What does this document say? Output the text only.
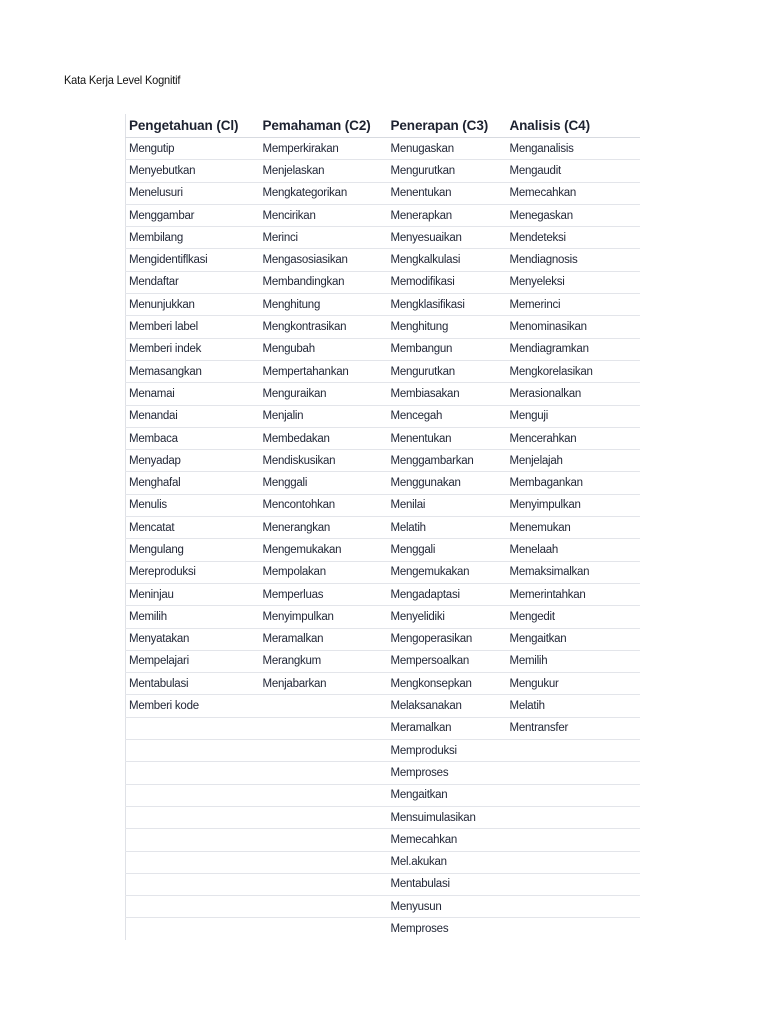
Kata Kerja Level Kognitif
Pengetahuan (Cl)	Pemahaman (C2)	Penerapan (C3)	Analisis (C4)
Mengutip	Memperkirakan	Menugaskan	Menganalisis
Menyebutkan	Menjelaskan	Mengurutkan	Mengaudit
Menelusuri	Mengkategorikan	Menentukan	Memecahkan
Menggambar	Mencirikan	Menerapkan	Menegaskan
Membilang	Merinci	Menyesuaikan	Mendeteksi
Mengidentiflkasi	Mengasosiasikan	Mengkalkulasi	Mendiagnosis
Mendaftar	Membandingkan	Memodifikasi	Menyeleksi
Menunjukkan	Menghitung	Mengklasifikasi	Memerinci
Memberi label	Mengkontrasikan	Menghitung	Menominasikan
Memberi indek	Mengubah	Membangun	Mendiagramkan
Memasangkan	Mempertahankan	Mengurutkan	Mengkorelasikan
Menamai	Menguraikan	Membiasakan	Merasionalkan
Menandai	Menjalin	Mencegah	Menguji
Membaca	Membedakan	Menentukan	Mencerahkan
Menyadap	Mendiskusikan	Menggambarkan	Menjelajah
Menghafal	Menggali	Menggunakan	Membagankan
Menulis	Mencontohkan	Menilai	Menyimpulkan
Mencatat	Menerangkan	Melatih	Menemukan
Mengulang	Mengemukakan	Menggali	Menelaah
Mereproduksi	Mempolakan	Mengemukakan	Memaksimalkan
Meninjau	Memperluas	Mengadaptasi	Memerintahkan
Memilih	Menyimpulkan	Menyelidiki	Mengedit
Menyatakan	Meramalkan	Mengoperasikan	Mengaitkan
Mempelajari	Merangkum	Mempersoalkan	Memilih
Mentabulasi	Menjabarkan	Mengkonsepkan	Mengukur
Memberi kode		Melaksanakan	Melatih
		Meramalkan	Mentransfer
		Memproduksi	
		Memproses	
		Mengaitkan	
		Mensuimulasikan	
		Memecahkan	
		Mel.akukan	
		Mentabulasi	
		Menyusun	
		Memproses	
